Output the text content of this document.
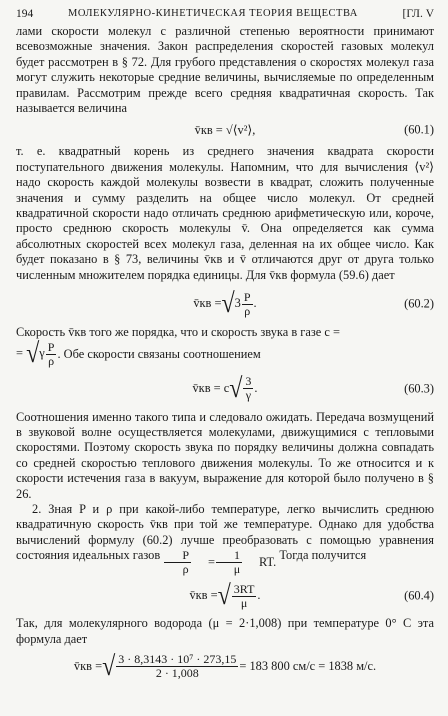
194	МОЛЕКУЛЯРНО-КИНЕТИЧЕСКАЯ ТЕОРИЯ ВЕЩЕСТВА	[ГЛ. V

лами скорости молекул с различной степенью вероятности принимают всевозможные значения. Закон распределения скоростей газовых молекул будет рассмотрен в § 72. Для грубого представления о скоростях молекул газа могут служить некоторые средние величины, вычисляемые по определенным правилам. Рассмотрим прежде всего средняя квадратичная скорость. Так называется величина

v̄кв = √⟨v²⟩,	(60.1)

т. е. квадратный корень из среднего значения квадрата скорости поступательного движения молекулы. Напомним, что для вычисления ⟨v²⟩ надо скорость каждой молекулы возвести в квадрат, сложить полученные значения и сумму разделить на общее число молекул. От средней квадратичной скорости надо отличать среднюю арифметическую или, короче, просто среднюю скорость молекулы v̄. Она определяется как сумма абсолютных скоростей всех молекул газа, деленная на их общее число. Как будет показано в § 73, величины v̄кв и v̄ отличаются друг от друга только численным множителем порядка единицы. Для v̄кв формула (59.6) дает

v̄кв = √ $3 \frac{P}{\rho}$ .	(60.2)

Скорость v̄кв того же порядка, что и скорость звука в газе c =

=
√ γ $\frac{P}{\rho}$ . Обе скорости связаны соотношением

v̄кв = c √ $\frac{3}{\gamma}$ .	(60.3)

Соотношения именно такого типа и следовало ожидать. Передача возмущений в звуковой волне осуществляется молекулами, движущимися с тепловыми скоростями. Поэтому скорость звука по порядку величины должна совпадать со средней скоростью теплового движения молекулы. То же относится и к скорости истечения газа в вакуум, выражение для которой было получено в § 26.

2. Зная P и ρ при какой-либо температуре, легко вычислить среднюю квадратичную скорость v̄кв при той же температуре. Однако для удобства вычислений формулу (60.2) лучше преобразовать с помощью уравнения состояния идеальных газов $\frac{P}{\rho}$	= $\frac{1}{\mu}$	RT. Тогда получится

v̄кв = √ $\frac{3RT}{\mu}$ .	(60.4)

Так, для молекулярного водорода (μ = 2·1,008) при температуре 0° С эта формула дает

v̄кв = √ $\frac{\text{3 · 8,3143 · 10⁷ · 273,15}}{2 \cdot 1,008} = 183$ 800 см/с = 1838 м/с.
